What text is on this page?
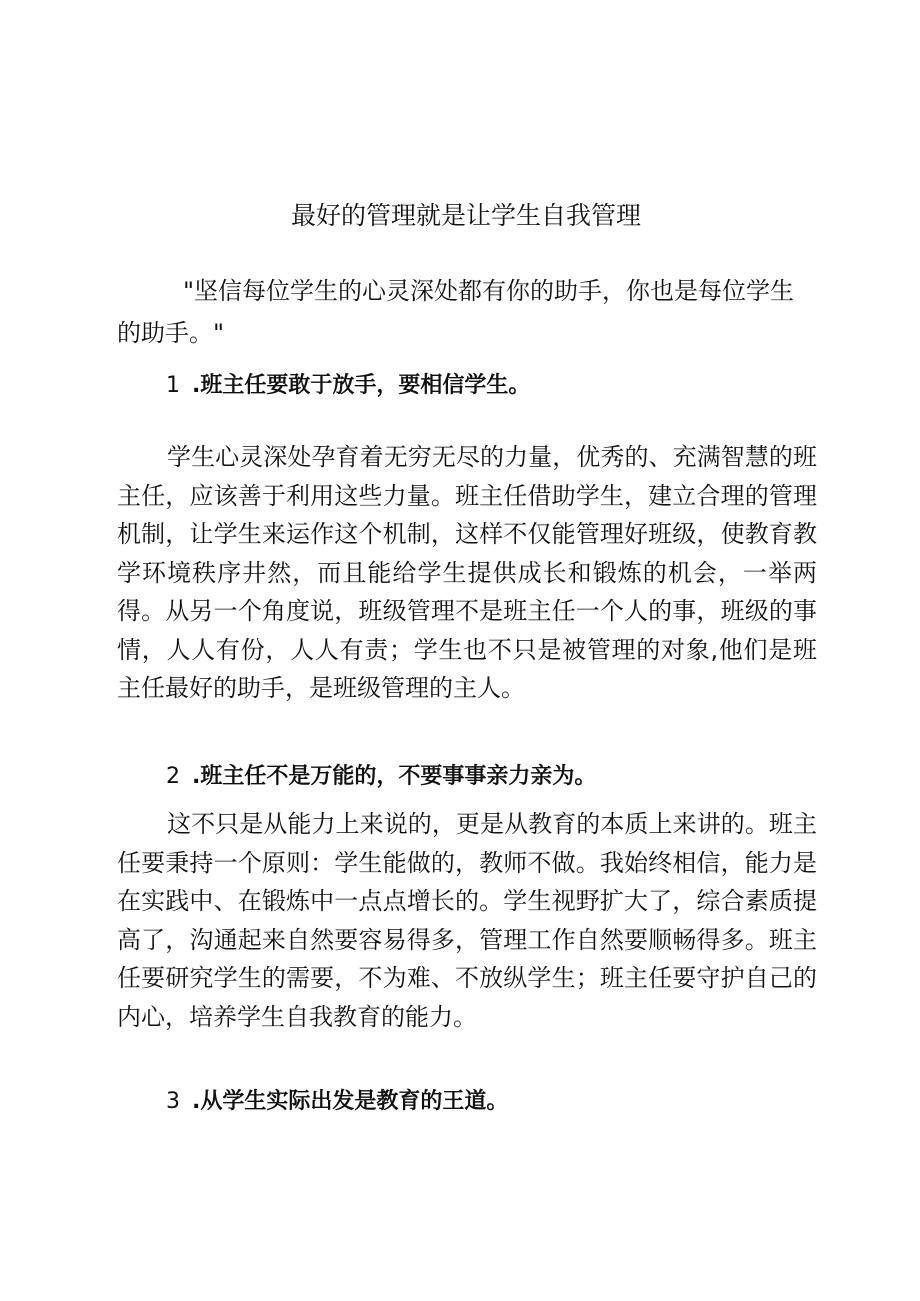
最好的管理就是让学生自我管理

"坚信每位学生的心灵深处都有你的助手，你也是每位学生的助手。"

1 .班主任要敢于放手，要相信学生。

学生心灵深处孕育着无穷无尽的力量，优秀的、充满智慧的班主任，应该善于利用这些力量。班主任借助学生，建立合理的管理机制，让学生来运作这个机制，这样不仅能管理好班级，使教育教学环境秩序井然，而且能给学生提供成长和锻炼的机会，一举两得。从另一个角度说，班级管理不是班主任一个人的事，班级的事情，人人有份，人人有责；学生也不只是被管理的对象,他们是班主任最好的助手，是班级管理的主人。

2 .班主任不是万能的，不要事事亲力亲为。

这不只是从能力上来说的，更是从教育的本质上来讲的。班主任要秉持一个原则：学生能做的，教师不做。我始终相信，能力是在实践中、在锻炼中一点点增长的。学生视野扩大了，综合素质提高了，沟通起来自然要容易得多，管理工作自然要顺畅得多。班主任要研究学生的需要，不为难、不放纵学生；班主任要守护自己的内心，培养学生自我教育的能力。

3 .从学生实际出发是教育的王道。
